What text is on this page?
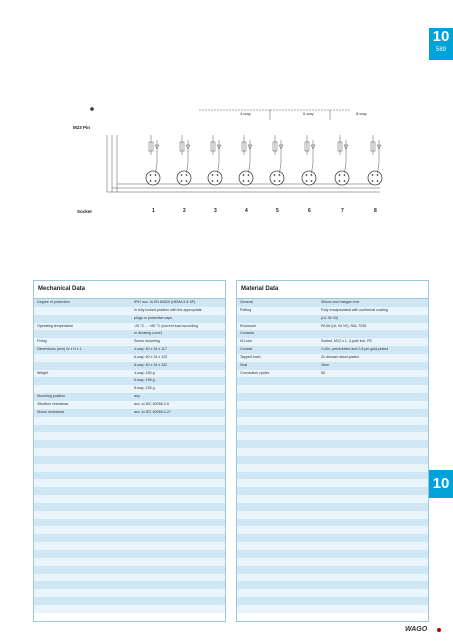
10
589
4-way	6-way	8-way
M23 Pin
Socket	1	2	3	4	5	6	7	8
Mechanical Data
Degree of protection	IP67 acc. to EN 60529 (NEMA 6 & 6P)
In fully locked position with the appropriate
plugs or protective caps
Operating temperature	-25 °C ... +80 °C (current load according
to derating curve)
Fixing	Screw mounting
Dimensions (mm) W x H x L	4-way: 60 x 34 x 117
6-way: 60 x 34 x 123
8-way: 60 x 34 x 152
Weight	4-way: 180 g
6-way: 195 g
8-way: 235 g
Mounting position	any
Vibration resistance	acc. to IEC 60068-2-6
Shock resistance	acc. to IEC 60068-2-27
Material Data
General	Silicon and halogen free
Potting	Fully encapsulated with conformal coating
(UL 94 V0)
Enclosure	PA 66 (UL 94 V0), RAL 7035
Contacts
I/O-slot	Socket, M12 x 1, 4-pole incl. PE
Contact	CuSn, prenickeled and 0.8 µm gold-plated
Tapped bush	Zn diecast nickel-plated
Seal	Viton
Connection cycles	50
10
WAGO
